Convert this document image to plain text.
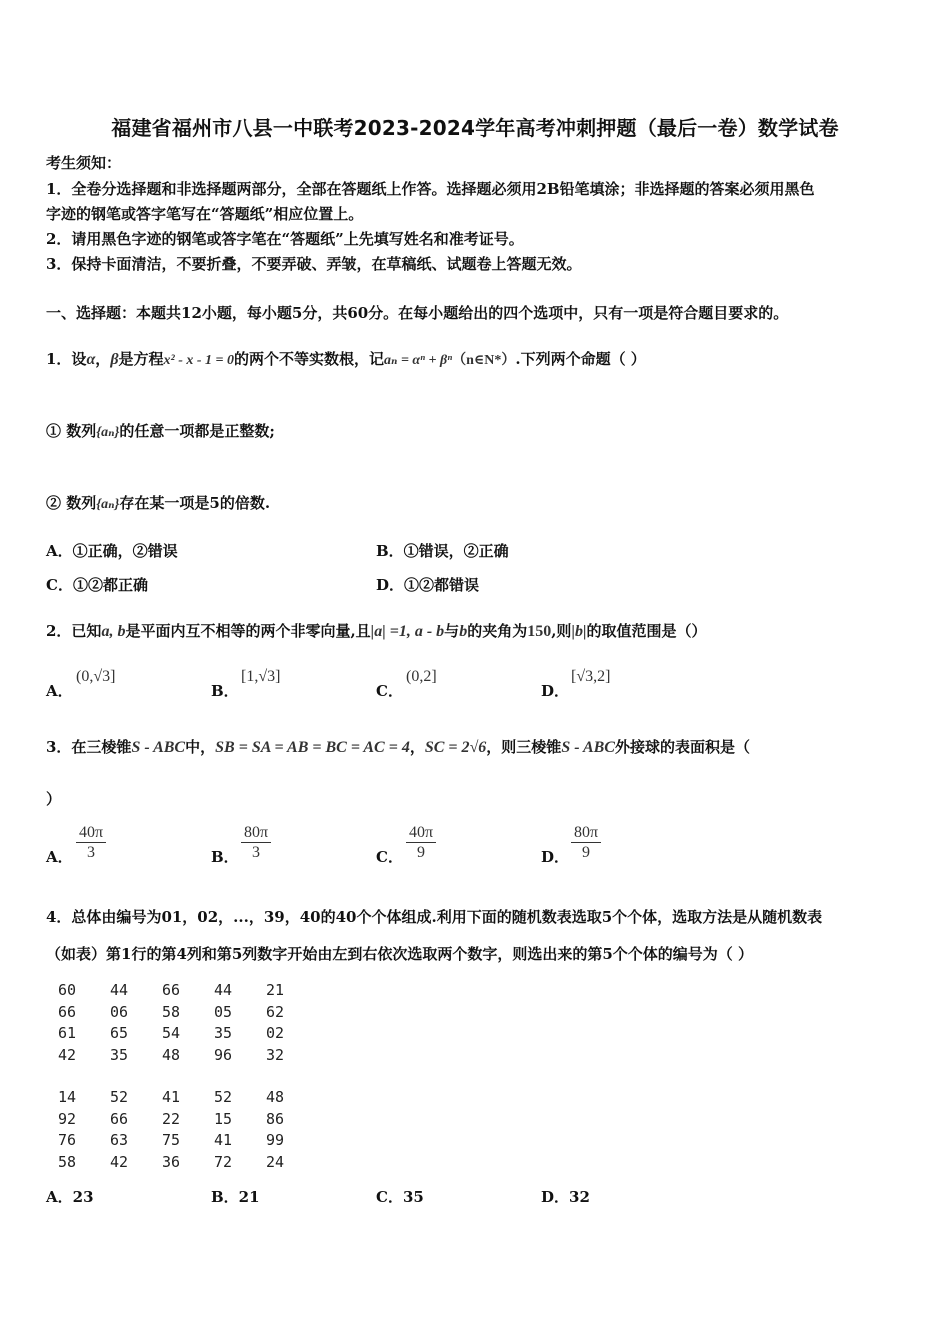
福建省福州市八县一中联考2023-2024学年高考冲刺押题（最后一卷）数学试卷
考生须知：
1．全卷分选择题和非选择题两部分，全部在答题纸上作答。选择题必须用2B铅笔填涂；非选择题的答案必须用黑色
字迹的钢笔或答字笔写在“答题纸”相应位置上。
2．请用黑色字迹的钢笔或答字笔在“答题纸”上先填写姓名和准考证号。
3．保持卡面清洁，不要折叠，不要弄破、弄皱，在草稿纸、试题卷上答题无效。
一、选择题：本题共12小题，每小题5分，共60分。在每小题给出的四个选项中，只有一项是符合题目要求的。
1．设α，β是方程x² - x - 1 = 0的两个不等实数根，记aₙ = αⁿ + βⁿ（n∈N*）.下列两个命题（ ）
① 数列{aₙ}的任意一项都是正整数;
② 数列{aₙ}存在某一项是5的倍数.
A．①正确，②错误	B．①错误，②正确
C．①②都正确	D．①②都错误
2．已知a, b是平面内互不相等的两个非零向量,且|a| =1, a - b与b的夹角为150,则|b|的取值范围是（）
A．
(0,√3]
B．
[1,√3]
C．
(0,2]
D．
[√3,2]
3．在三棱锥S - ABC中，SB = SA = AB = BC = AC = 4，SC = 2√6，则三棱锥S - ABC外接球的表面积是（
）
A． $\frac{40\pi}{3}$	B． $\frac{80\pi}{3}$	C． $\frac{40\pi}{9}$	D． $\frac{80\pi}{9}$
4．总体由编号为01，02，...，39，40的40个个体组成.利用下面的随机数表选取5个个体，选取方法是从随机数表
（如表）第1行的第4列和第5列数字开始由左到右依次选取两个数字，则选出来的第5个个体的编号为（ ）
60 44 66 44 21
66 06 58 05 62
61 65 54 35 02
42 35 48 96 32
14 52 41 52 48
92 66 22 15 86
76 63 75 41 99
58 42 36 72 24
A．23	B．21	C．35	D．32
